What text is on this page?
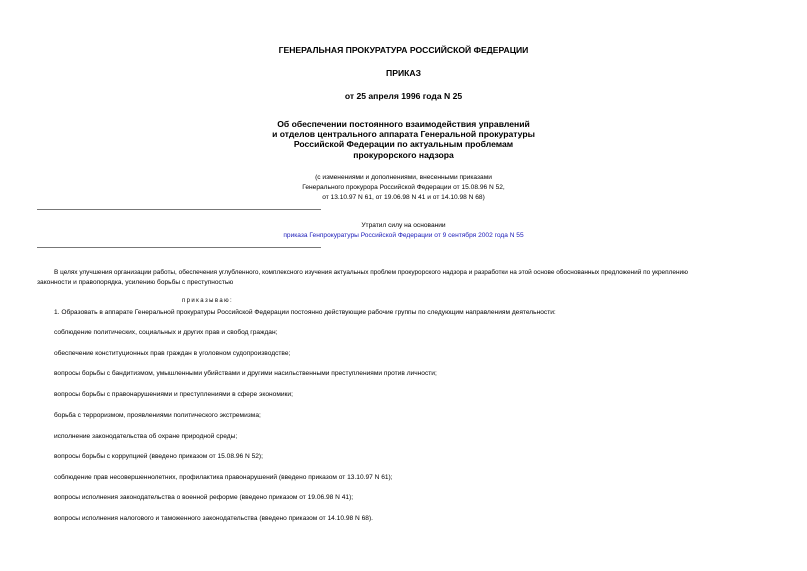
ГЕНЕРАЛЬНАЯ ПРОКУРАТУРА РОССИЙСКОЙ ФЕДЕРАЦИИ
ПРИКАЗ
от 25 апреля 1996 года N 25
Об обеспечении постоянного взаимодействия управлений
и отделов центрального аппарата Генеральной прокуратуры
Российской Федерации по актуальным проблемам
прокурорского надзора
(с изменениями и дополнениями, внесенными приказами
Генерального прокурора Российской Федерации от 15.08.96 N 52,
от 13.10.97 N 61, от 19.06.98 N 41 и от 14.10.98 N 68)
Утратил силу на основании
приказа Генпрокуратуры Российской Федерации от 9 сентября 2002 года N 55
В целях улучшения организации работы, обеспечения углубленного, комплексного изучения актуальных проблем прокурорского надзора и разработки на этой основе обоснованных предложений по укреплению
законности и правопорядка, усилению борьбы с преступностью
приказываю:
1. Образовать в аппарате Генеральной прокуратуры Российской Федерации постоянно действующие рабочие группы по следующим направлениям деятельности:
соблюдение политических, социальных и других прав и свобод граждан;
обеспечение конституционных прав граждан в уголовном судопроизводстве;
вопросы борьбы с бандитизмом, умышленными убийствами и другими насильственными преступлениями против личности;
вопросы борьбы с правонарушениями и преступлениями в сфере экономики;
борьба с терроризмом, проявлениями политического экстремизма;
исполнение законодательства об охране природной среды;
вопросы борьбы с коррупцией (введено приказом от 15.08.96 N 52);
соблюдение прав несовершеннолетних, профилактика правонарушений (введено приказом от 13.10.97 N 61);
вопросы исполнения законодательства о военной реформе (введено приказом от 19.06.98 N 41);
вопросы исполнения налогового и таможенного законодательства (введено приказом от 14.10.98 N 68).
